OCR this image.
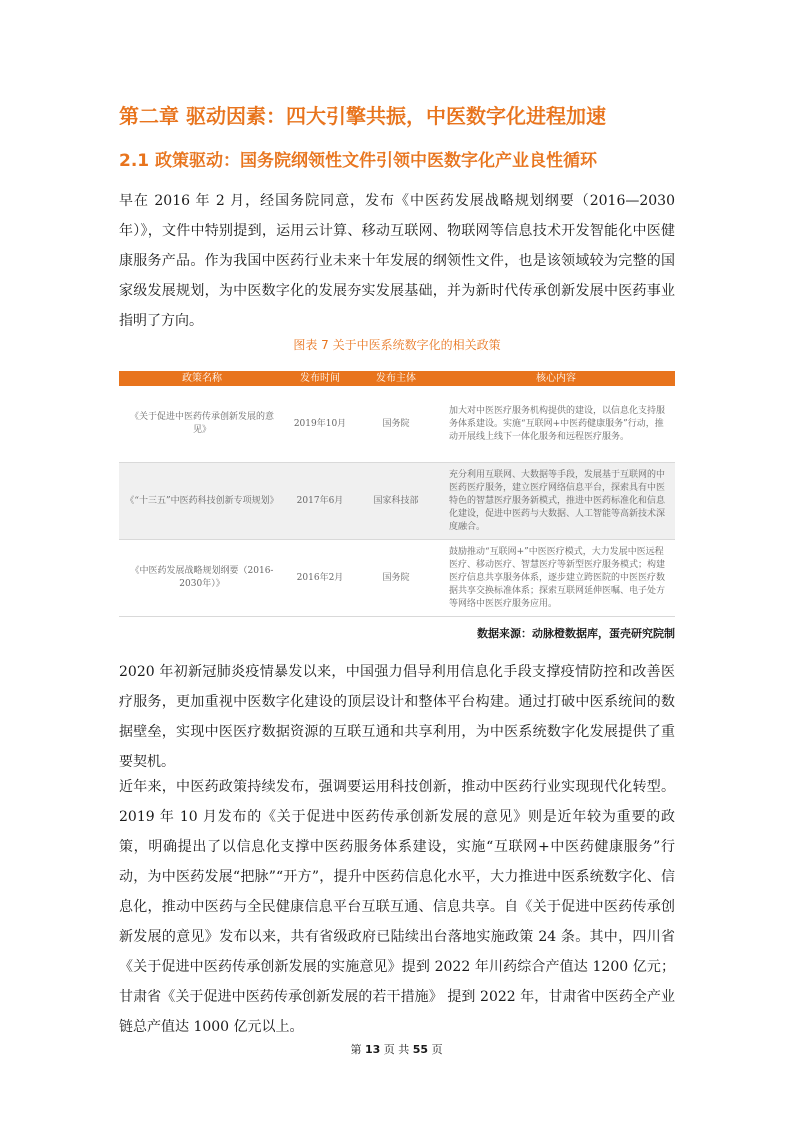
第二章 驱动因素：四大引擎共振，中医数字化进程加速
2.1 政策驱动：国务院纲领性文件引领中医数字化产业良性循环

早在 2016 年 2 月，经国务院同意，发布《中医药发展战略规划纲要（2016—2030 年）》，文件中特别提到，运用云计算、移动互联网、物联网等信息技术开发智能化中医健康服务产品。作为我国中医药行业未来十年发展的纲领性文件，也是该领域较为完整的国家级发展规划，为中医数字化的发展夯实发展基础，并为新时代传承创新发展中医药事业指明了方向。

图表 7 关于中医系统数字化的相关政策
政策名称	发布时间	发布主体	核心内容
《关于促进中医药传承创新发展的意见》	2019年10月	国务院	加大对中医医疗服务机构提供的建设，以信息化支持服务体系建设。实施“互联网+中医药健康服务”行动，推动开展线上线下一体化服务和远程医疗服务。
《“十三五”中医药科技创新专项规划》	2017年6月	国家科技部	充分利用互联网、大数据等手段，发展基于互联网的中医药医疗服务，建立医疗网络信息平台，探索具有中医特色的智慧医疗服务新模式，推进中医药标准化和信息化建设，促进中医药与大数据、人工智能等高新技术深度融合。
《中医药发展战略规划纲要（2016-2030年）》	2016年2月	国务院	鼓励推动“互联网+”中医医疗模式，大力发展中医远程医疗、移动医疗、智慧医疗等新型医疗服务模式；构建医疗信息共享服务体系，逐步建立跨医院的中医医疗数据共享交换标准体系；探索互联网延伸医嘱、电子处方等网络中医医疗服务应用。
数据来源：动脉橙数据库，蛋壳研究院制

2020 年初新冠肺炎疫情暴发以来，中国强力倡导利用信息化手段支撑疫情防控和改善医疗服务，更加重视中医数字化建设的顶层设计和整体平台构建。通过打破中医系统间的数据壁垒，实现中医医疗数据资源的互联互通和共享利用，为中医系统数字化发展提供了重要契机。

近年来，中医药政策持续发布，强调要运用科技创新，推动中医药行业实现现代化转型。2019 年 10 月发布的《关于促进中医药传承创新发展的意见》则是近年较为重要的政策，明确提出了以信息化支撑中医药服务体系建设，实施“互联网+中医药健康服务”行动，为中医药发展“把脉”“开方”，提升中医药信息化水平，大力推进中医系统数字化、信息化，推动中医药与全民健康信息平台互联互通、信息共享。自《关于促进中医药传承创新发展的意见》发布以来，共有省级政府已陆续出台落地实施政策 24 条。其中，四川省《关于促进中医药传承创新发展的实施意见》提到 2022 年川药综合产值达 1200 亿元；甘肃省《关于促进中医药传承创新发展的若干措施》 提到 2022 年，甘肃省中医药全产业链总产值达 1000 亿元以上。

第 13 页 共 55 页
